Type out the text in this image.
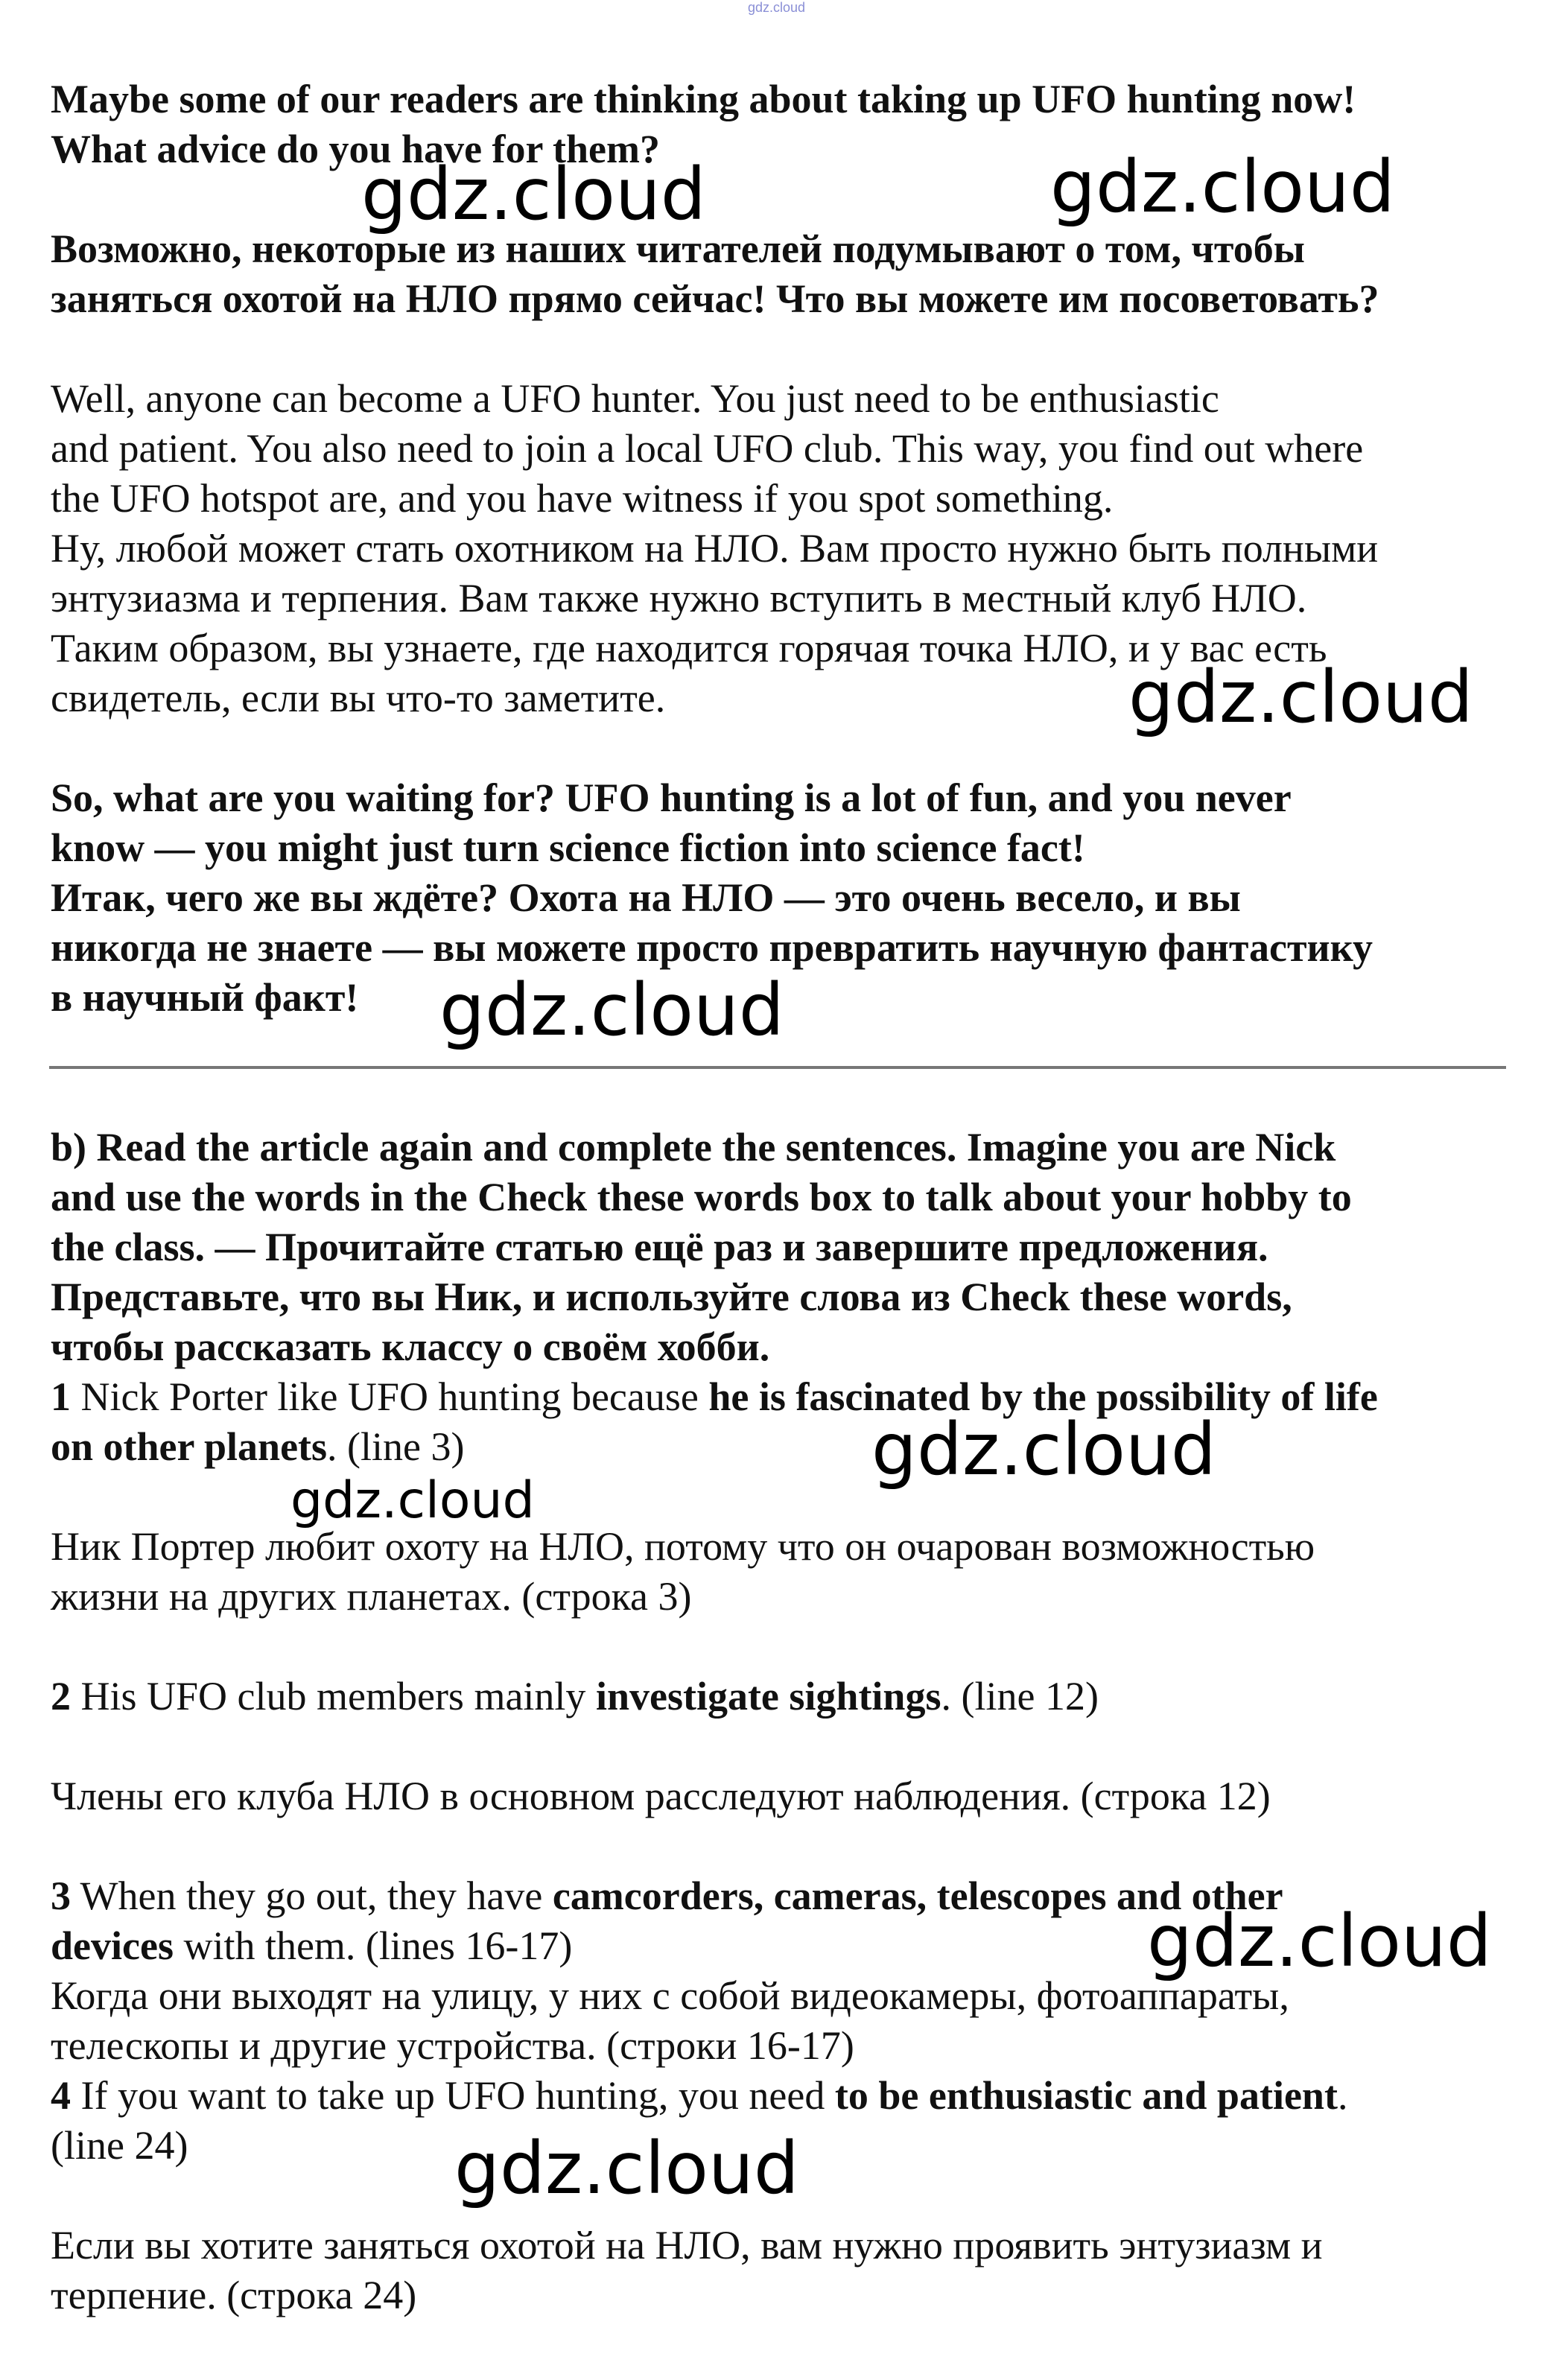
gdz.cloud

Maybe some of our readers are thinking about taking up UFO hunting now!
What advice do you have for them?

Возможно, некоторые из наших читателей подумывают о том, чтобы
заняться охотой на НЛО прямо сейчас! Что вы можете им посоветовать?

Well, anyone can become a UFO hunter. You just need to be enthusiastic
and patient. You also need to join a local UFO club. This way, you find out where
the UFO hotspot are, and you have witness if you spot something.

Ну, любой может стать охотником на НЛО. Вам просто нужно быть полными
энтузиазма и терпения. Вам также нужно вступить в местный клуб НЛО.
Таким образом, вы узнаете, где находится горячая точка НЛО, и у вас есть
свидетель, если вы что-то заметите.

So, what are you waiting for? UFO hunting is a lot of fun, and you never
know — you might just turn science fiction into science fact!

Итак, чего же вы ждёте? Охота на НЛО — это очень весело, и вы
никогда не знаете — вы можете просто превратить научную фантастику
в научный факт!

b) Read the article again and complete the sentences. Imagine you are Nick
and use the words in the Check these words box to talk about your hobby to
the class. — Прочитайте статью ещё раз и завершите предложения.
Представьте, что вы Ник, и используйте слова из Check these words,
чтобы рассказать классу о своём хобби.

1 Nick Porter like UFO hunting because he is fascinated by the possibility of life
on other planets. (line 3)

Ник Портер любит охоту на НЛО, потому что он очарован возможностью
жизни на других планетах. (строка 3)

2 His UFO club members mainly investigate sightings. (line 12)

Члены его клуба НЛО в основном расследуют наблюдения. (строка 12)

3 When they go out, they have camcorders, cameras, telescopes and other
devices with them. (lines 16-17)

Когда они выходят на улицу, у них с собой видеокамеры, фотоаппараты,
телескопы и другие устройства. (строки 16-17)

4 If you want to take up UFO hunting, you need to be enthusiastic and patient.
(line 24)

Если вы хотите заняться охотой на НЛО, вам нужно проявить энтузиазм и
терпение. (строка 24)

gdz.cloud	gdz.cloud
gdz.cloud
gdz.cloud
gdz.cloud
gdz.cloud
gdz.cloud
gdz.cloud
